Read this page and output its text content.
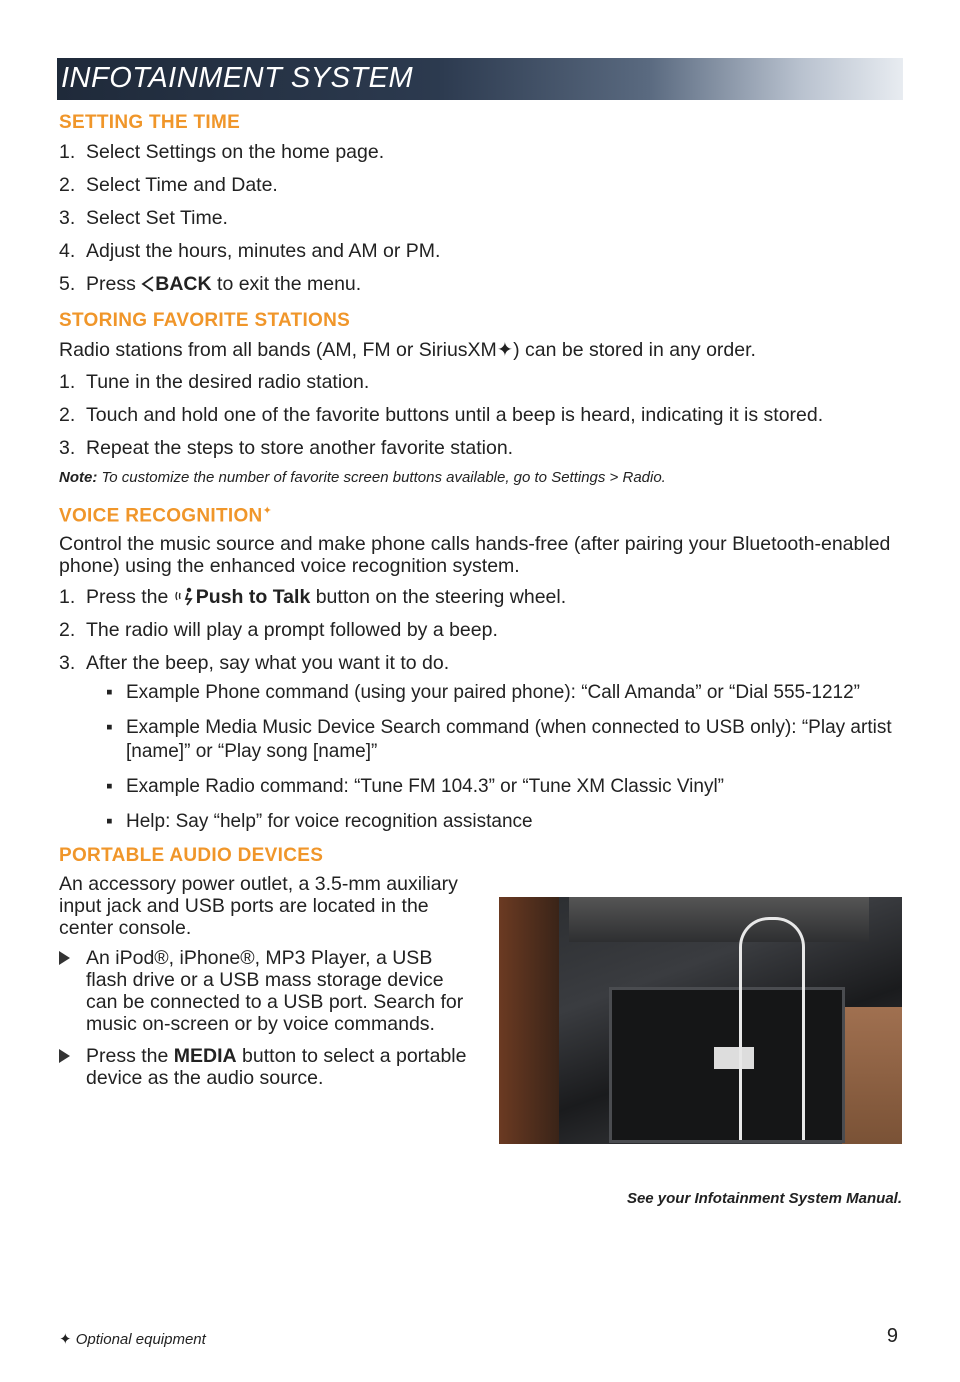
INFOTAINMENT SYSTEM
SETTING THE TIME
1. Select Settings on the home page.
2. Select Time and Date.
3. Select Set Time.
4. Adjust the hours, minutes and AM or PM.
5. Press BACK to exit the menu.
STORING FAVORITE STATIONS

Radio stations from all bands (AM, FM or SiriusXM✦) can be stored in any order.

1. Tune in the desired radio station.
2. Touch and hold one of the favorite buttons until a beep is heard, indicating it is stored.
3. Repeat the steps to store another favorite station.
Note: To customize the number of favorite screen buttons available, go to Settings > Radio.
VOICE RECOGNITION✦

Control the music source and make phone calls hands-free (after pairing your Bluetooth-enabled phone) using the enhanced voice recognition system.

1. Press the Push to Talk button on the steering wheel.
2. The radio will play a prompt followed by a beep.
3. After the beep, say what you want it to do.
▪ Example Phone command (using your paired phone): “Call Amanda” or “Dial 555-1212”
▪ Example Media Music Device Search command (when connected to USB only): “Play artist [name]” or “Play song [name]”
▪ Example Radio command: “Tune FM 104.3” or “Tune XM Classic Vinyl”
▪ Help: Say “help” for voice recognition assistance
PORTABLE AUDIO DEVICES

An accessory power outlet, a 3.5-mm auxiliary input jack and USB ports are located in the center console.

An iPod®, iPhone®, MP3 Player, a USB flash drive or a USB mass storage device can be connected to a USB port. Search for music on-screen or by voice commands.
Press the MEDIA button to select a portable device as the audio source.
See your Infotainment System Manual.
✦ Optional equipment	9
